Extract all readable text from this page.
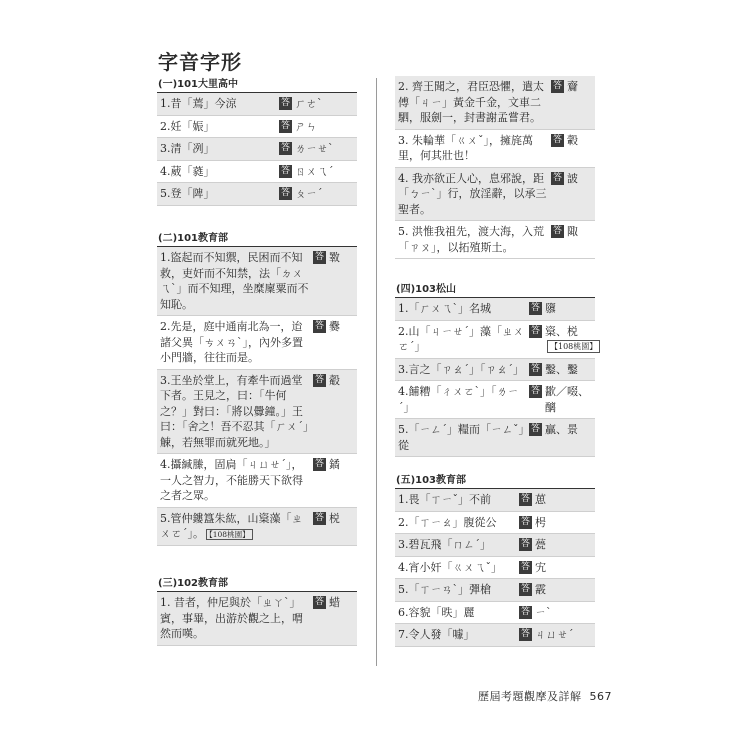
字音字形
(一)101大里高中
1.昔「蔫」今涼	答 ㄏㄜˋ
2.妊「娠」	答 ㄕㄣ
3.清「冽」	答 ㄌㄧㄝˋ
4.葳「蕤」	答 ㄖㄨㄟˊ
5.登「陴」	答 ㄆㄧˊ
(二)101教育部
1.盜起而不知禦，民困而不知救，吏奸而不知禁，法「ㄉㄨㄟˋ」而不知理，坐糜廩粟而不知恥。
答 斁
2.先是，庭中通南北為一，迨諸父異「ㄘㄨㄢˋ」，內外多置小門牆，往往而是。
答 爨
3.王坐於堂上，有牽牛而過堂下者。王見之，曰：「牛何之？」對曰：「將以釁鐘。」王曰：「舍之！吾不忍其「ㄏㄨˊ」觫，若無罪而就死地。」
答 觳
4.攝緘縢，固扃「ㄐㄩㄝˊ」，一人之智力，不能勝天下欲得之者之眾。
答 鐍
5.管仲鏤簋朱紘，山楶藻「ㄓㄨㄛˊ」。 【108桃園】
答 棁
(三)102教育部
1. 昔者，仲尼與於「ㄓㄚˋ」賓，事畢，出游於觀之上，喟然而嘆。
答 蜡
2. 齊王聞之，君臣恐懼，遣太傅「ㄐㄧ」黃金千金，文車二駟，服劍一，封書謝孟嘗君。
答 齎
3. 朱輪華「ㄍㄨˇ」，擁旄萬里，何其壯也！
答 轂
4. 我亦欲正人心，息邪說，距「ㄅㄧˋ」行，放淫辭，以承三聖者。
答 詖
5. 洪惟我祖先，渡大海，入荒「ㄗㄡ」，以拓殖斯土。
答 陬
(四)103松山
1.「ㄏㄨㄟˋ」名城	答 隳
2.山「ㄐㄧㄝˊ」藻「ㄓㄨㄛˊ」
答 楶、棁
【108桃園】
3.言之「ㄗㄠˊ」「ㄗㄠˊ」 答 鑿、鑿
4.餔糟「ㄔㄨㄛˋ」「ㄌㄧˊ」
答 歠／啜、醨
5.「ㄧㄥˊ」糧而「ㄧㄥˇ」從
答 贏、景
(五)103教育部
1.畏「ㄒㄧˇ」不前	答 葸
2.「ㄒㄧㄠ」腹從公	答 枵
3.碧瓦飛「ㄇㄥˊ」	答 甍
4.宵小奸「ㄍㄨㄟˇ」	答 宄
5.「ㄒㄧㄢˋ」彈槍	答 霰
6.容貌「昳」麗	答 ㄧˋ
7.令人發「噱」	答 ㄐㄩㄝˊ
歷屆考題觀摩及詳解 567
